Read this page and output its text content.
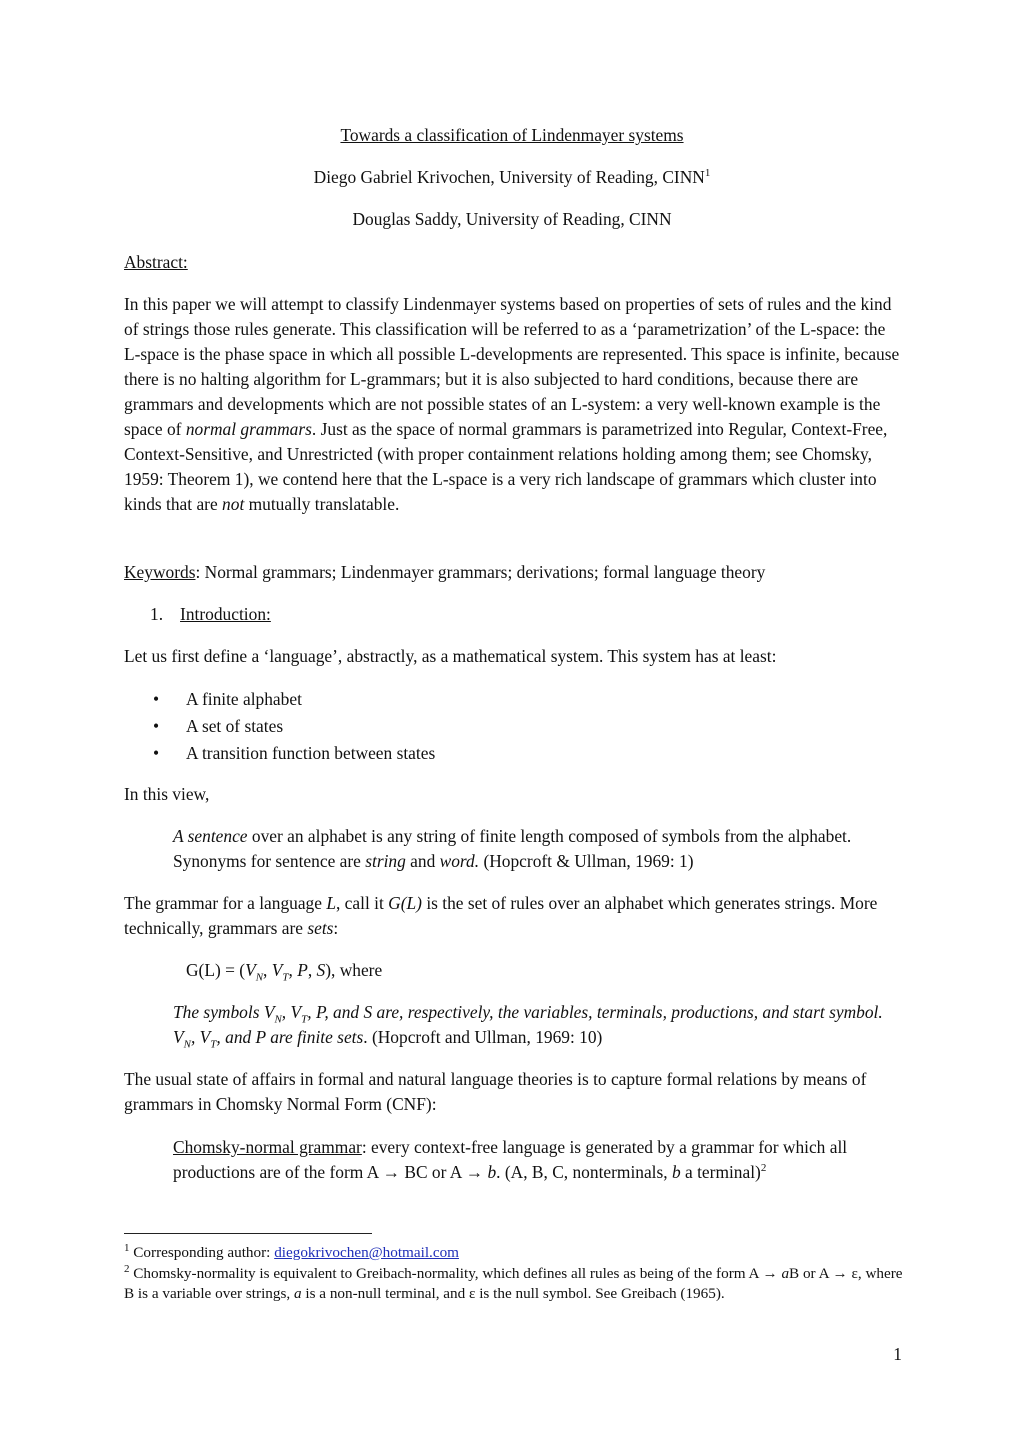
Towards a classification of Lindenmayer systems

Diego Gabriel Krivochen, University of Reading, CINN$^1$

Douglas Saddy, University of Reading, CINN

Abstract:

In this paper we will attempt to classify Lindenmayer systems based on properties of sets of rules and the kind of strings those rules generate. This classification will be referred to as a ‘parametrization’ of the L-space: the L-space is the phase space in which all possible L-developments are represented. This space is infinite, because there is no halting algorithm for L-grammars; but it is also subjected to hard conditions, because there are grammars and developments which are not possible states of an L-system: a very well-known example is the space of normal grammars. Just as the space of normal grammars is parametrized into Regular, Context-Free, Context-Sensitive, and Unrestricted (with proper containment relations holding among them; see Chomsky, 1959: Theorem 1), we contend here that the L-space is a very rich landscape of grammars which cluster into kinds that are not mutually translatable.

Keywords: Normal grammars; Lindenmayer grammars; derivations; formal language theory

1. Introduction:

Let us first define a ‘language’, abstractly, as a mathematical system. This system has at least:

• A finite alphabet
• A set of states
• A transition function between states

In this view,

A sentence over an alphabet is any string of finite length composed of symbols from the alphabet. Synonyms for sentence are string and word. (Hopcroft & Ullman, 1969: 1)

The grammar for a language L, call it G(L) is the set of rules over an alphabet which generates strings. More technically, grammars are sets:

$G(L) = (V_N$, $V_T$, P, S), where

The symbols $V_N$, $V_T$, P, and S are, respectively, the variables, terminals, productions, and start symbol. $V_N$, $V_T$, and P are finite sets. (Hopcroft and Ullman, 1969: 10)

The usual state of affairs in formal and natural language theories is to capture formal relations by means of grammars in Chomsky Normal Form (CNF):

Chomsky-normal grammar: every context-free language is generated by a grammar for which all productions are of the form A → BC or A → b. (A, B, C, nonterminals, b a terminal)$^2$

$^1$ Corresponding author: diegokrivochen@hotmail.com

$^2$ Chomsky-normality is equivalent to Greibach-normality, which defines all rules as being of the form A → aB or A → ε, where B is a variable over strings, a is a non-null terminal, and ε is the null symbol. See Greibach (1965).

1
